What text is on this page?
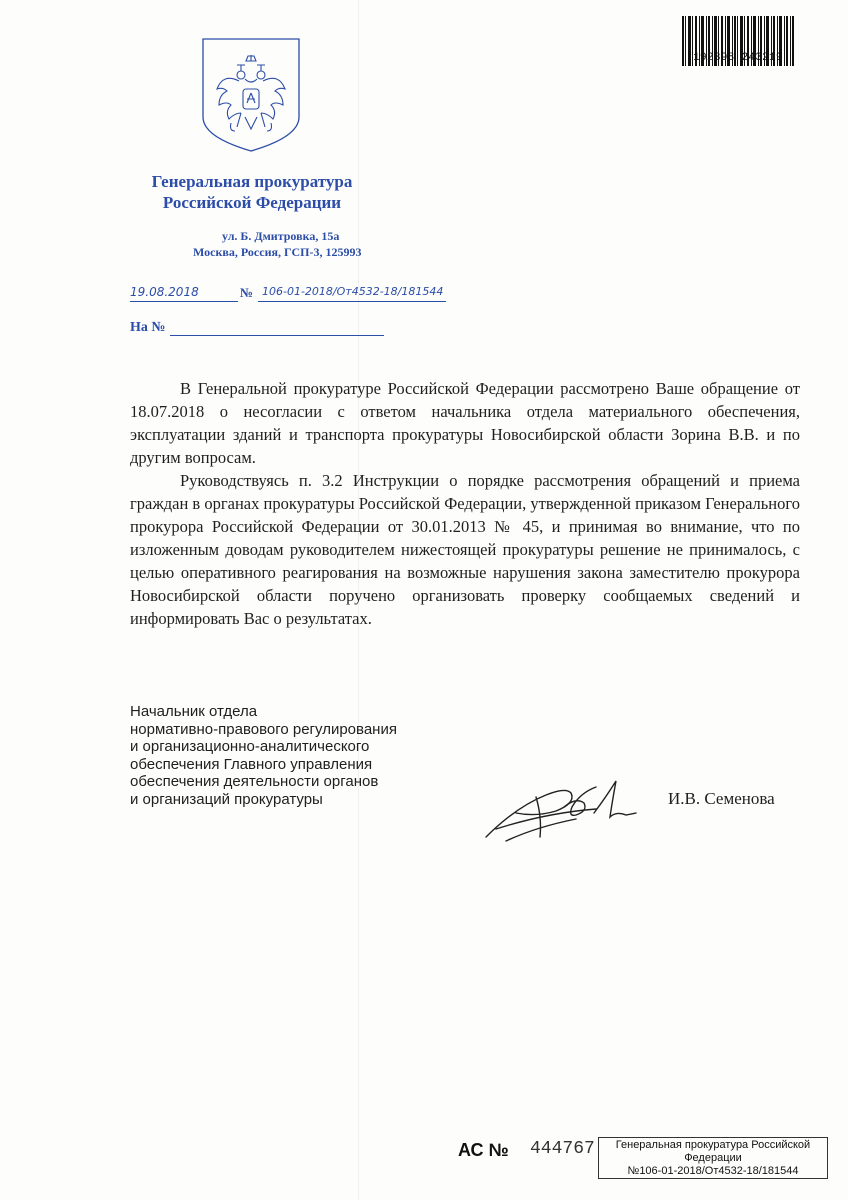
192398 243219
Генеральная прокуратура
Российской Федерации
ул. Б. Дмитровка, 15а
Москва, Россия, ГСП-3, 125993
19.08.2018	№ 106-01-2018/От4532-18/181544
На №

В Генеральной прокуратуре Российской Федерации рассмотрено Ваше обращение от 18.07.2018 о несогласии с ответом начальника отдела материального обеспечения, эксплуатации зданий и транспорта прокуратуры Новосибирской области Зорина В.В. и по другим вопросам.

Руководствуясь п. 3.2 Инструкции о порядке рассмотрения обращений и приема граждан в органах прокуратуры Российской Федерации, утвержденной приказом Генерального прокурора Российской Федерации от 30.01.2013 № 45, и принимая во внимание, что по изложенным доводам руководителем нижестоящей прокуратуры решение не принималось, с целью оперативного реагирования на возможные нарушения закона заместителю прокурора Новосибирской области поручено организовать проверку сообщаемых сведений и информировать Вас о результатах.

Начальник отдела
нормативно-правового регулирования
и организационно-аналитического
обеспечения Главного управления
обеспечения деятельности органов
и организаций прокуратуры	И.В. Семенова
АС № 444767	Генеральная прокуратура Российской
Федерации
№106-01-2018/От4532-18/181544
